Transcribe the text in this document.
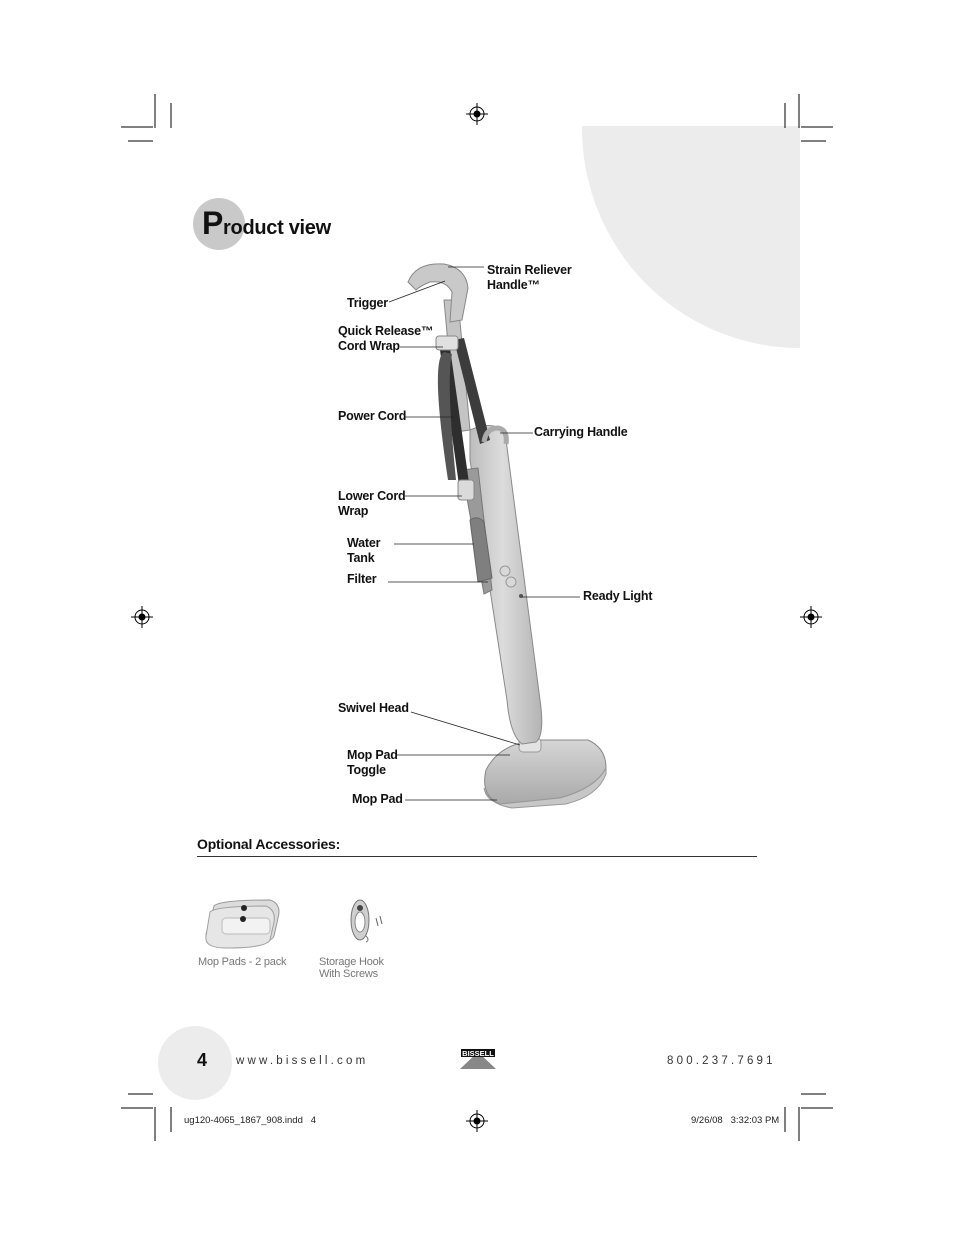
Product view
Strain Reliever
Handle™
Trigger
Quick Release™
Cord Wrap
Power Cord
Carrying Handle
Lower Cord
Wrap
Water
Tank
Filter
Ready Light
Swivel Head
Mop Pad
Toggle
Mop Pad
Optional Accessories:
Mop Pads - 2 pack	Storage Hook
With Screws
4	www.bissell.com
BISSELL
800.237.7691
ug120-4065_1867_908.indd   4	9/26/08   3:32:03 PM
